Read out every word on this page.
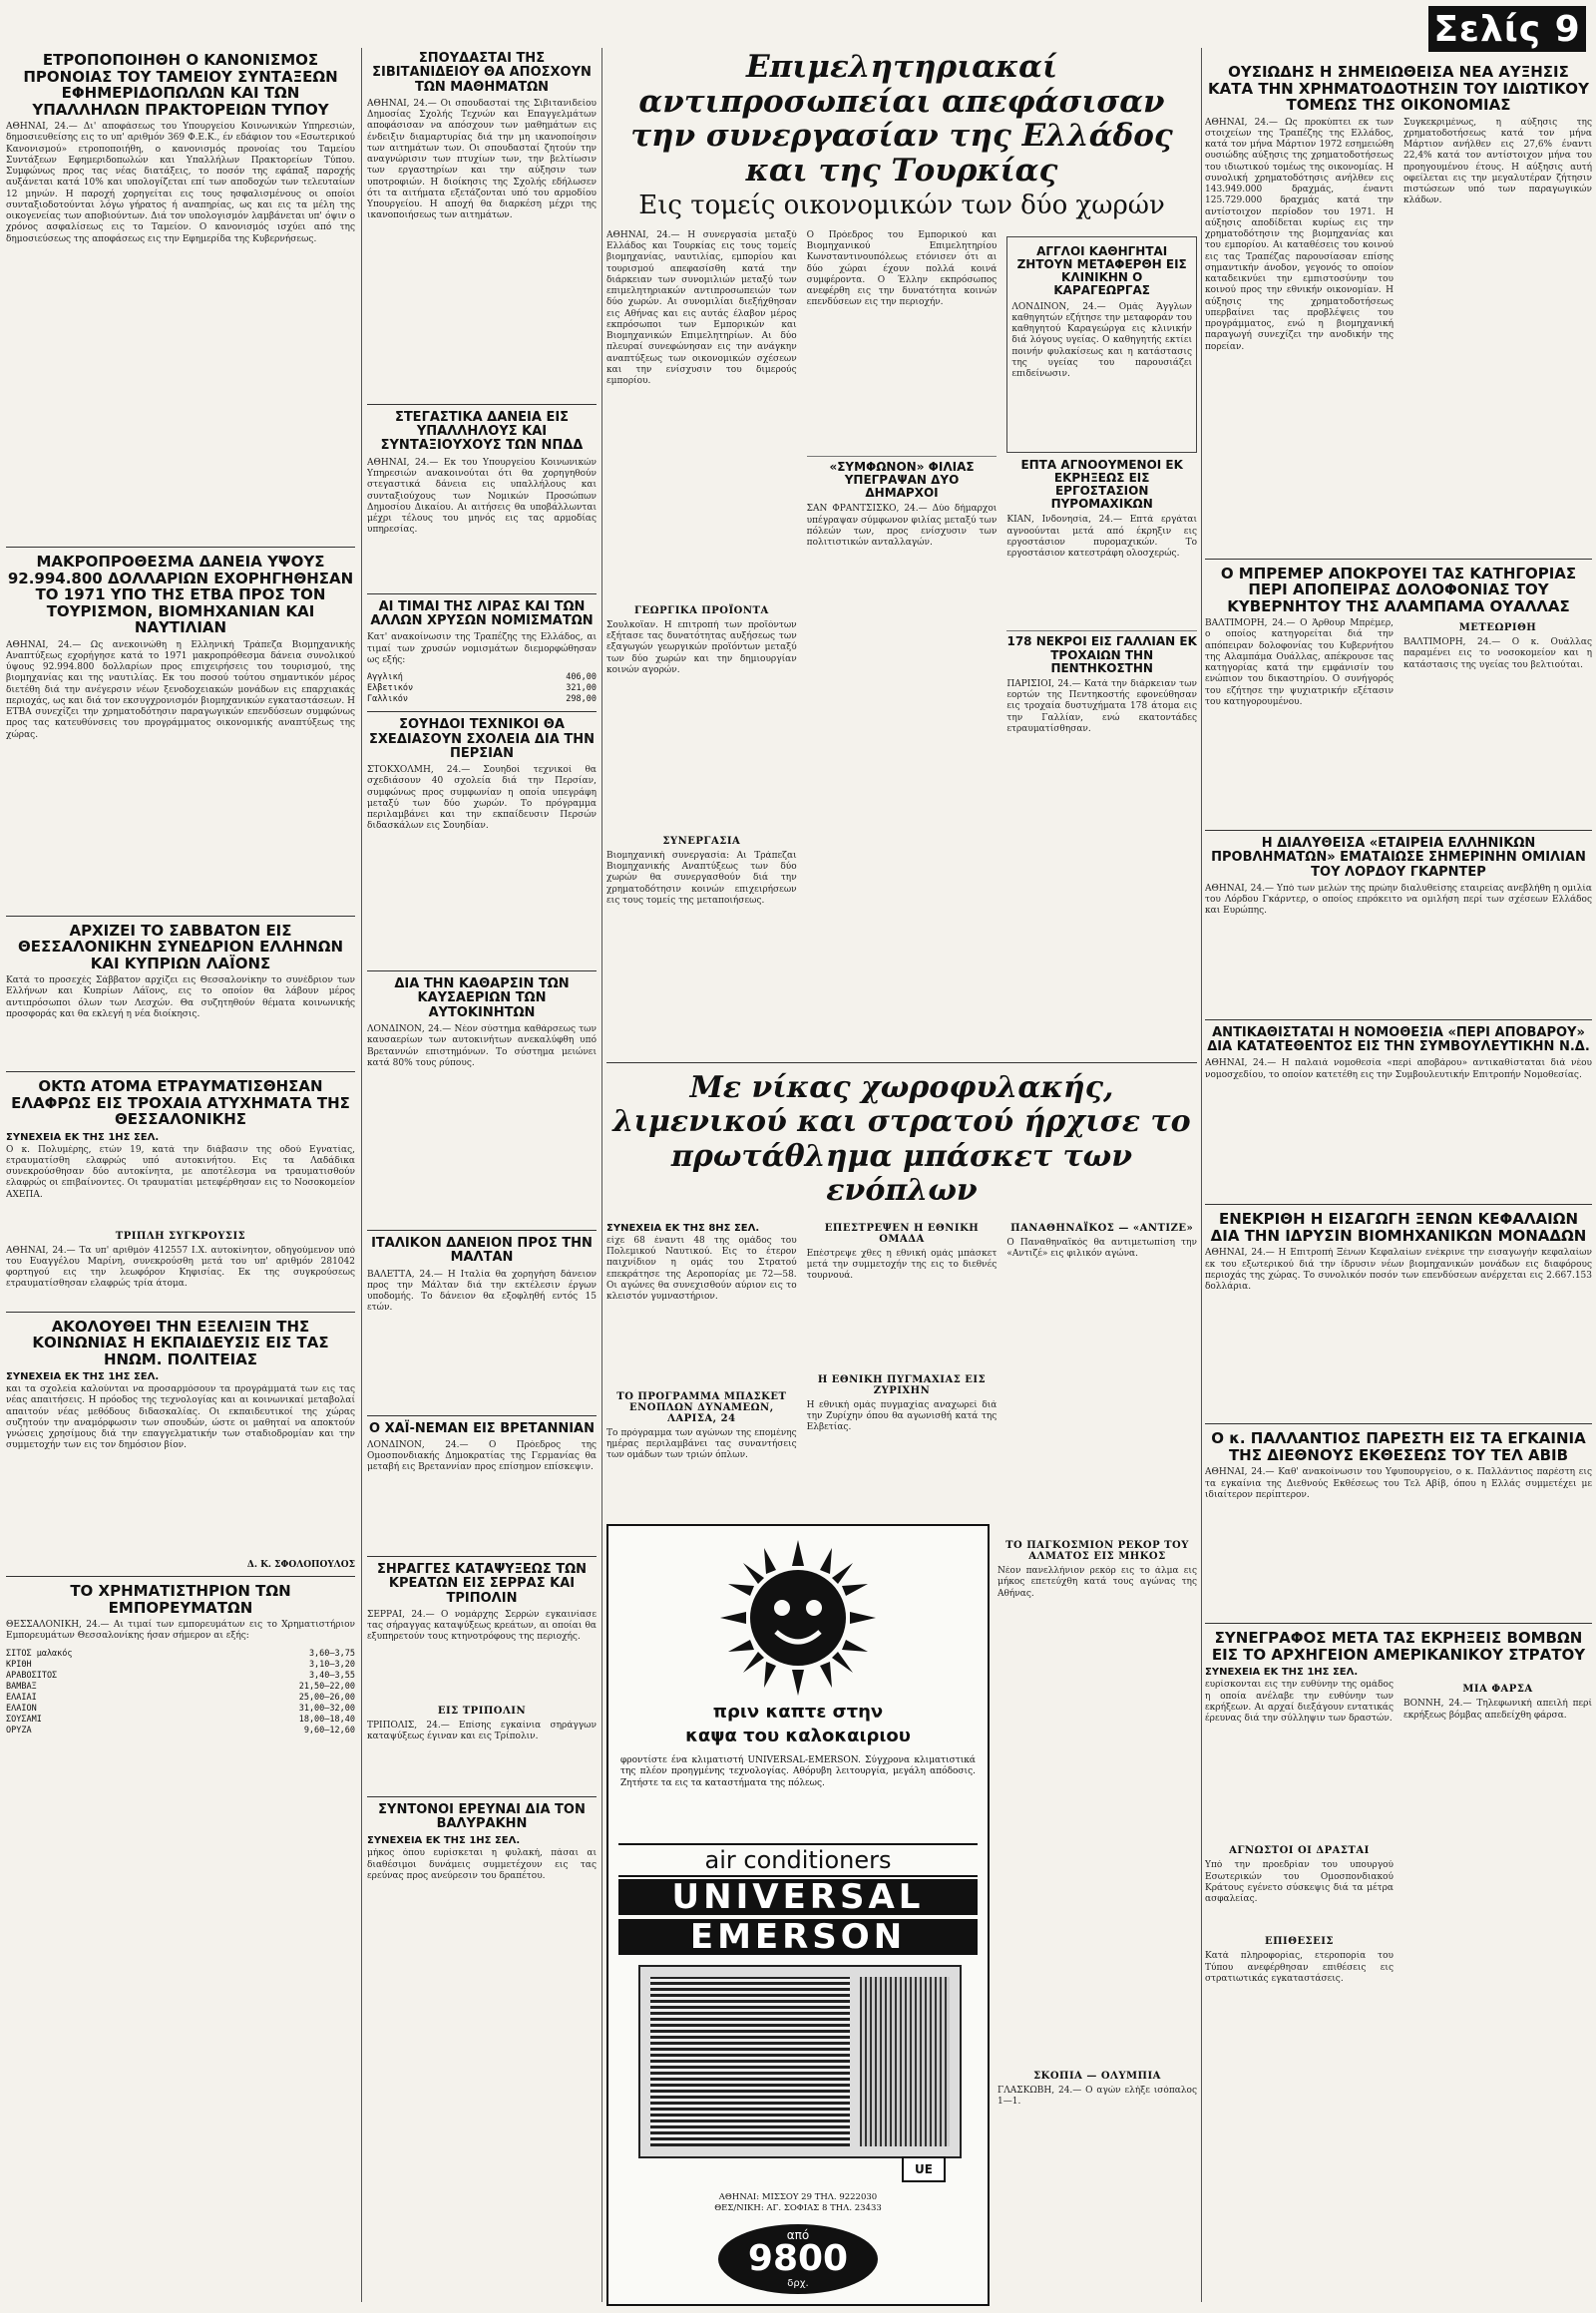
Σελίς 9
ΕΤΡΟΠΟΠΟΙΗΘΗ Ο ΚΑΝΟΝΙΣΜΟΣ ΠΡΟΝΟΙΑΣ ΤΟΥ ΤΑΜΕΙΟΥ ΣΥΝΤΑΞΕΩΝ ΕΦΗΜΕΡΙΔΟΠΩΛΩΝ ΚΑΙ ΤΩΝ ΥΠΑΛΛΗΛΩΝ ΠΡΑΚΤΟΡΕΙΩΝ ΤΥΠΟΥ
ΑΘΗΝΑΙ, 24.— Δι' αποφάσεως του Υπουργείου Κοινωνικών Υπηρεσιών, δημοσιευθείσης εις το υπ' αριθμόν 369 Φ.Ε.Κ., έν εδάφιον του «Εσωτερικού Κανονισμού» ετροποποιήθη, ο κανονισμός προνοίας του Ταμείου Συντάξεων Εφημεριδοπωλών και Υπαλλήλων Πρακτορείων Τύπου. Συμφώνως προς τας νέας διατάξεις, το ποσόν της εφάπαξ παροχής αυξάνεται κατά 10% και υπολογίζεται επί των αποδοχών των τελευταίων 12 μηνών. Η παροχή χορηγείται εις τους ησφαλισμένους οι οποίοι συνταξιοδοτούνται λόγω γήρατος ή αναπηρίας, ως και εις τα μέλη της οικογενείας των αποβιούντων. Διά τον υπολογισμόν λαμβάνεται υπ' όψιν ο χρόνος ασφαλίσεως εις το Ταμείον. Ο κανονισμός ισχύει από της δημοσιεύσεως της αποφάσεως εις την Εφημερίδα της Κυβερνήσεως.
ΜΑΚΡΟΠΡΟΘΕΣΜΑ ΔΑΝΕΙΑ ΥΨΟΥΣ 92.994.800 ΔΟΛΛΑΡΙΩΝ ΕΧΟΡΗΓΗΘΗΣΑΝ ΤΟ 1971 ΥΠΟ ΤΗΣ ΕΤΒΑ ΠΡΟΣ ΤΟΝ ΤΟΥΡΙΣΜΟΝ, ΒΙΟΜΗΧΑΝΙΑΝ ΚΑΙ ΝΑΥΤΙΛΙΑΝ
ΑΘΗΝΑΙ, 24.— Ως ανεκοινώθη η Ελληνική Τράπεζα Βιομηχανικής Αναπτύξεως εχορήγησε κατά το 1971 μακροπρόθεσμα δάνεια συνολικού ύψους 92.994.800 δολλαρίων προς επιχειρήσεις του τουρισμού, της βιομηχανίας και της ναυτιλίας. Εκ του ποσού τούτου σημαντικόν μέρος διετέθη διά την ανέγερσιν νέων ξενοδοχειακών μονάδων εις επαρχιακάς περιοχάς, ως και διά τον εκσυγχρονισμόν βιομηχανικών εγκαταστάσεων. Η ΕΤΒΑ συνεχίζει την χρηματοδότησιν παραγωγικών επενδύσεων συμφώνως προς τας κατευθύνσεις του προγράμματος οικονομικής αναπτύξεως της χώρας.
ΑΡΧΙΖΕΙ ΤΟ ΣΑΒΒΑΤΟΝ ΕΙΣ ΘΕΣΣΑΛΟΝΙΚΗΝ ΣΥΝΕΔΡΙΟΝ ΕΛΛΗΝΩΝ ΚΑΙ ΚΥΠΡΙΩΝ ΛΑΪΟΝΣ
Κατά το προσεχές Σάββατον αρχίζει εις Θεσσαλονίκην το συνέδριον των Ελλήνων και Κυπρίων Λάϊονς, εις το οποίον θα λάβουν μέρος αντιπρόσωποι όλων των Λεσχών. Θα συζητηθούν θέματα κοινωνικής προσφοράς και θα εκλεγή η νέα διοίκησις.
ΟΚΤΩ ΑΤΟΜΑ ΕΤΡΑΥΜΑΤΙΣΘΗΣΑΝ ΕΛΑΦΡΩΣ ΕΙΣ ΤΡΟΧΑΙΑ ΑΤΥΧΗΜΑΤΑ ΤΗΣ ΘΕΣΣΑΛΟΝΙΚΗΣ
ΣΥΝΕΧΕΙΑ ΕΚ ΤΗΣ 1ΗΣ ΣΕΛ.
Ο κ. Πολυμέρης, ετών 19, κατά την διάβασιν της οδού Εγνατίας, ετραυματίσθη ελαφρώς υπό αυτοκινήτου. Εις τα Λαδάδικα συνεκρούσθησαν δύο αυτοκίνητα, με αποτέλεσμα να τραυματισθούν ελαφρώς οι επιβαίνοντες. Οι τραυματίαι μετεφέρθησαν εις το Νοσοκομείον ΑΧΕΠΑ.
ΤΡΙΠΛΗ ΣΥΓΚΡΟΥΣΙΣ
ΑΘΗΝΑΙ, 24.— Τα υπ' αριθμόν 412557 Ι.Χ. αυτοκίνητον, οδηγούμενον υπό του Ευαγγέλου Μαρίνη, συνεκρούσθη μετά του υπ' αριθμόν 281042 φορτηγού εις την λεωφόρον Κηφισίας. Εκ της συγκρούσεως ετραυματίσθησαν ελαφρώς τρία άτομα.
ΑΚΟΛΟΥΘΕΙ ΤΗΝ ΕΞΕΛΙΞΙΝ ΤΗΣ ΚΟΙΝΩΝΙΑΣ Η ΕΚΠΑΙΔΕΥΣΙΣ ΕΙΣ ΤΑΣ ΗΝΩΜ. ΠΟΛΙΤΕΙΑΣ
ΣΥΝΕΧΕΙΑ ΕΚ ΤΗΣ 1ΗΣ ΣΕΛ.
και τα σχολεία καλούνται να προσαρμόσουν τα προγράμματά των εις τας νέας απαιτήσεις. Η πρόοδος της τεχνολογίας και αι κοινωνικαί μεταβολαί απαιτούν νέας μεθόδους διδασκαλίας. Οι εκπαιδευτικοί της χώρας συζητούν την αναμόρφωσιν των σπουδών, ώστε οι μαθηταί να αποκτούν γνώσεις χρησίμους διά την επαγγελματικήν των σταδιοδρομίαν και την συμμετοχήν των εις τον δημόσιον βίον.
Δ. Κ. ΣΦΟΛΟΠΟΥΛΟΣ
ΤΟ ΧΡΗΜΑΤΙΣΤΗΡΙΟΝ ΤΩΝ ΕΜΠΟΡΕΥΜΑΤΩΝ
ΘΕΣΣΑΛΟΝΙΚΗ, 24.— Αι τιμαί των εμπορευμάτων εις το Χρηματιστήριον Εμπορευμάτων Θεσσαλονίκης ήσαν σήμερον αι εξής:
ΣΙΤΟΣ μαλακός	3,60—3,75
ΚΡΙΘΗ	3,10—3,20
ΑΡΑΒΟΣΙΤΟΣ	3,40—3,55
ΒΑΜΒΑΞ	21,50—22,00
ΕΛΑΙΑΙ	25,00—26,00
ΕΛΑΙΟΝ	31,00—32,00
ΣΟΥΣΑΜΙ	18,00—18,40
ΟΡΥΖΑ	9,60—12,60
ΣΠΟΥΔΑΣΤΑΙ ΤΗΣ ΣΙΒΙΤΑΝΙΔΕΙΟΥ ΘΑ ΑΠΟΣΧΟΥΝ ΤΩΝ ΜΑΘΗΜΑΤΩΝ
ΑΘΗΝΑΙ, 24.— Οι σπουδασταί της Σιβιτανιδείου Δημοσίας Σχολής Τεχνών και Επαγγελμάτων αποφάσισαν να απόσχουν των μαθημάτων εις ένδειξιν διαμαρτυρίας διά την μη ικανοποίησιν των αιτημάτων των. Οι σπουδασταί ζητούν την αναγνώρισιν των πτυχίων των, την βελτίωσιν των εργαστηρίων και την αύξησιν των υποτροφιών. Η διοίκησις της Σχολής εδήλωσεν ότι τα αιτήματα εξετάζονται υπό του αρμοδίου Υπουργείου. Η αποχή θα διαρκέση μέχρι της ικανοποιήσεως των αιτημάτων.
ΣΤΕΓΑΣΤΙΚΑ ΔΑΝΕΙΑ ΕΙΣ ΥΠΑΛΛΗΛΟΥΣ ΚΑΙ ΣΥΝΤΑΞΙΟΥΧΟΥΣ ΤΩΝ ΝΠΔΔ
ΑΘΗΝΑΙ, 24.— Εκ του Υπουργείου Κοινωνικών Υπηρεσιών ανακοινούται ότι θα χορηγηθούν στεγαστικά δάνεια εις υπαλλήλους και συνταξιούχους των Νομικών Προσώπων Δημοσίου Δικαίου. Αι αιτήσεις θα υποβάλλωνται μέχρι τέλους του μηνός εις τας αρμοδίας υπηρεσίας.
ΑΙ ΤΙΜΑΙ ΤΗΣ ΛΙΡΑΣ ΚΑΙ ΤΩΝ ΑΛΛΩΝ ΧΡΥΣΩΝ ΝΟΜΙΣΜΑΤΩΝ
Κατ' ανακοίνωσιν της Τραπέζης της Ελλάδος, αι τιμαί των χρυσών νομισμάτων διεμορφώθησαν ως εξής:
Αγγλική	406,00
Ελβετικόν	321,00
Γαλλικόν	298,00
ΣΟΥΗΔΟΙ ΤΕΧΝΙΚΟΙ ΘΑ ΣΧΕΔΙΑΣΟΥΝ ΣΧΟΛΕΙΑ ΔΙΑ ΤΗΝ ΠΕΡΣΙΑΝ
ΣΤΟΚΧΟΛΜΗ, 24.— Σουηδοί τεχνικοί θα σχεδιάσουν 40 σχολεία διά την Περσίαν, συμφώνως προς συμφωνίαν η οποία υπεγράφη μεταξύ των δύο χωρών. Το πρόγραμμα περιλαμβάνει και την εκπαίδευσιν Περσών διδασκάλων εις Σουηδίαν.
ΔΙΑ ΤΗΝ ΚΑΘΑΡΣΙΝ ΤΩΝ ΚΑΥΣΑΕΡΙΩΝ ΤΩΝ ΑΥΤΟΚΙΝΗΤΩΝ
ΛΟΝΔΙΝΟΝ, 24.— Νέον σύστημα καθάρσεως των καυσαερίων των αυτοκινήτων ανεκαλύφθη υπό Βρεταννών επιστημόνων. Το σύστημα μειώνει κατά 80% τους ρύπους.
ΙΤΑΛΙΚΟΝ ΔΑΝΕΙΟΝ ΠΡΟΣ ΤΗΝ ΜΑΛΤΑΝ
ΒΑΛΕΤΤΑ, 24.— Η Ιταλία θα χορηγήση δάνειον προς την Μάλταν διά την εκτέλεσιν έργων υποδομής. Το δάνειον θα εξοφληθή εντός 15 ετών.
Ο ΧΑΪ-ΝΕΜΑΝ ΕΙΣ ΒΡΕΤΑΝΝΙΑΝ
ΛΟΝΔΙΝΟΝ, 24.— Ο Πρόεδρος της Ομοσπονδιακής Δημοκρατίας της Γερμανίας θα μεταβή εις Βρεταννίαν προς επίσημον επίσκεψιν.
ΣΗΡΑΓΓΕΣ ΚΑΤΑΨΥΞΕΩΣ ΤΩΝ ΚΡΕΑΤΩΝ ΕΙΣ ΣΕΡΡΑΣ ΚΑΙ ΤΡΙΠΟΛΙΝ
ΣΕΡΡΑΙ, 24.— Ο νομάρχης Σερρών εγκαινίασε τας σήραγγας καταψύξεως κρεάτων, αι οποίαι θα εξυπηρετούν τους κτηνοτρόφους της περιοχής.
ΕΙΣ ΤΡΙΠΟΛΙΝ
ΤΡΙΠΟΛΙΣ, 24.— Επίσης εγκαίνια σηράγγων καταψύξεως έγιναν και εις Τρίπολιν.
ΣΥΝΤΟΝΟΙ ΕΡΕΥΝΑΙ ΔΙΑ ΤΟΝ ΒΑΛΥΡΑΚΗΝ
ΣΥΝΕΧΕΙΑ ΕΚ ΤΗΣ 1ΗΣ ΣΕΛ.
μήκος όπου ευρίσκεται η φυλακή, πάσαι αι διαθέσιμοι δυνάμεις συμμετέχουν εις τας ερεύνας προς ανεύρεσιν του δραπέτου.
Επιμελητηριακαί αντιπροσωπείαι απεφάσισαν την συνεργασίαν της Ελλάδος και της Τουρκίας
Εις τομείς οικονομικών των δύο χωρών
ΑΘΗΝΑΙ, 24.— Η συνεργασία μεταξύ Ελλάδος και Τουρκίας εις τους τομείς βιομηχανίας, ναυτιλίας, εμπορίου και τουρισμού απεφασίσθη κατά την διάρκειαν των συνομιλιών μεταξύ των επιμελητηριακών αντιπροσωπειών των δύο χωρών. Αι συνομιλίαι διεξήχθησαν εις Αθήνας και εις αυτάς έλαβον μέρος εκπρόσωποι των Εμπορικών και Βιομηχανικών Επιμελητηρίων. Αι δύο πλευραί συνεφώνησαν εις την ανάγκην αναπτύξεως των οικονομικών σχέσεων και την ενίσχυσιν του διμερούς εμπορίου.
ΓΕΩΡΓΙΚΑ ΠΡΟΪΟΝΤΑ
Σουλκοΐαν. Η επιτροπή των προϊόντων εξήτασε τας δυνατότητας αυξήσεως των εξαγωγών γεωργικών προϊόντων μεταξύ των δύο χωρών και την δημιουργίαν κοινών αγορών.
ΣΥΝΕΡΓΑΣΙΑ
Βιομηχανική συνεργασία: Αι Τράπεζαι Βιομηχανικής Αναπτύξεως των δύο χωρών θα συνεργασθούν διά την χρηματοδότησιν κοινών επιχειρήσεων εις τους τομείς της μεταποιήσεως.
Ο Πρόεδρος του Εμπορικού και Βιομηχανικού Επιμελητηρίου Κωνσταντινουπόλεως ετόνισεν ότι αι δύο χώραι έχουν πολλά κοινά συμφέροντα. Ο Έλλην εκπρόσωπος ανεφέρθη εις την δυνατότητα κοινών επενδύσεων εις την περιοχήν.
«ΣΥΜΦΩΝΟΝ» ΦΙΛΙΑΣ ΥΠΕΓΡΑΨΑΝ ΔΥΟ ΔΗΜΑΡΧΟΙ
ΣΑΝ ΦΡΑΝΤΣΙΣΚΟ, 24.— Δύο δήμαρχοι υπέγραψαν σύμφωνον φιλίας μεταξύ των πόλεών των, προς ενίσχυσιν των πολιτιστικών ανταλλαγών.
ΑΓΓΛΟΙ ΚΑΘΗΓΗΤΑΙ ΖΗΤΟΥΝ ΜΕΤΑΦΕΡΘΗ ΕΙΣ ΚΛΙΝΙΚΗΝ Ο ΚΑΡΑΓΕΩΡΓΑΣ
ΛΟΝΔΙΝΟΝ, 24.— Ομάς Άγγλων καθηγητών εζήτησε την μεταφοράν του καθηγητού Καραγεώργα εις κλινικήν διά λόγους υγείας. Ο καθηγητής εκτίει ποινήν φυλακίσεως και η κατάστασις της υγείας του παρουσιάζει επιδείνωσιν.
ΕΠΤΑ ΑΓΝΟΟΥΜΕΝΟΙ ΕΚ ΕΚΡΗΞΕΩΣ ΕΙΣ ΕΡΓΟΣΤΑΣΙΟΝ ΠΥΡΟΜΑΧΙΚΩΝ
ΚΙΑΝ, Ινδονησία, 24.— Επτά εργάται αγνοούνται μετά από έκρηξιν εις εργοστάσιον πυρομαχικών. Το εργοστάσιον κατεστράφη ολοσχερώς.
178 ΝΕΚΡΟΙ ΕΙΣ ΓΑΛΛΙΑΝ ΕΚ ΤΡΟΧΑΙΩΝ ΤΗΝ ΠΕΝΤΗΚΟΣΤΗΝ
ΠΑΡΙΣΙΟΙ, 24.— Κατά την διάρκειαν των εορτών της Πεντηκοστής εφονεύθησαν εις τροχαία δυστυχήματα 178 άτομα εις την Γαλλίαν, ενώ εκατοντάδες ετραυματίσθησαν.
Με νίκας χωροφυλακής, λιμενικού και στρατού ήρχισε το πρωτάθλημα μπάσκετ των ενόπλων
ΣΥΝΕΧΕΙΑ ΕΚ ΤΗΣ 8ΗΣ ΣΕΛ.
είχε 68 έναντι 48 της ομάδος του Πολεμικού Ναυτικού. Εις το έτερον παιχνίδιον η ομάς του Στρατού επεκράτησε της Αεροπορίας με 72—58. Οι αγώνες θα συνεχισθούν αύριον εις το κλειστόν γυμναστήριον.
ΤΟ ΠΡΟΓΡΑΜΜΑ ΜΠΑΣΚΕΤ ΕΝΟΠΛΩΝ ΔΥΝΑΜΕΩΝ, ΛΑΡΙΣΑ, 24
Το πρόγραμμα των αγώνων της επομένης ημέρας περιλαμβάνει τας συναντήσεις των ομάδων των τριών όπλων.
ΕΠΕΣΤΡΕΨΕΝ Η ΕΘΝΙΚΗ ΟΜΑΔΑ
Επέστρεψε χθες η εθνική ομάς μπάσκετ μετά την συμμετοχήν της εις το διεθνές τουρνουά.
Η ΕΘΝΙΚΗ ΠΥΓΜΑΧΙΑΣ ΕΙΣ ΖΥΡΙΧΗΝ
Η εθνική ομάς πυγμαχίας αναχωρεί διά την Ζυρίχην όπου θα αγωνισθή κατά της Ελβετίας.
ΠΑΝΑΘΗΝΑΪΚΟΣ — «ΑΝΤΙΖΕ»
Ο Παναθηναϊκός θα αντιμετωπίση την «Αντιζέ» εις φιλικόν αγώνα.
ΤΟ ΠΑΓΚΟΣΜΙΟΝ ΡΕΚΟΡ ΤΟΥ ΑΛΜΑΤΟΣ ΕΙΣ ΜΗΚΟΣ
Νέον πανελλήνιον ρεκόρ εις το άλμα εις μήκος επετεύχθη κατά τους αγώνας της Αθήνας.
ΣΚΟΠΙΑ — ΟΛΥΜΠΙΑ
ΓΛΑΣΚΩΒΗ, 24.— Ο αγών ελήξε ισόπαλος 1—1.
πριν καπτε στην
καψα του καλοκαιριου
φροντίστε ένα κλιματιστή UNIVERSAL-EMERSON. Σύγχρονα κλιματιστικά της πλέον προηγμένης τεχνολογίας. Αθόρυβη λειτουργία, μεγάλη απόδοσις. Ζητήστε τα εις τα καταστήματα της πόλεως.
air conditioners
UNIVERSAL
EMERSON
UE
ΑΘΗΝΑΙ: ΜΙΣΣΟΥ 29 ΤΗΛ. 9222030
ΘΕΣ/ΝΙΚΗ: ΑΓ. ΣΟΦΙΑΣ 8 ΤΗΛ. 23433
από
9800
δρχ.
ΟΥΣΙΩΔΗΣ Η ΣΗΜΕΙΩΘΕΙΣΑ ΝΕΑ ΑΥΞΗΣΙΣ ΚΑΤΑ ΤΗΝ ΧΡΗΜΑΤΟΔΟΤΗΣΙΝ ΤΟΥ ΙΔΙΩΤΙΚΟΥ ΤΟΜΕΩΣ ΤΗΣ ΟΙΚΟΝΟΜΙΑΣ
ΑΘΗΝΑΙ, 24.— Ως προκύπτει εκ των στοιχείων της Τραπέζης της Ελλάδος, κατά τον μήνα Μάρτιον 1972 εσημειώθη ουσιώδης αύξησις της χρηματοδοτήσεως του ιδιωτικού τομέως της οικονομίας. Η συνολική χρηματοδότησις ανήλθεν εις 143.949.000 δραχμάς, έναντι 125.729.000 δραχμάς κατά την αντίστοιχον περίοδον του 1971. Η αύξησις αποδίδεται κυρίως εις την χρηματοδότησιν της βιομηχανίας και του εμπορίου. Αι καταθέσεις του κοινού εις τας Τραπέζας παρουσίασαν επίσης σημαντικήν άνοδον, γεγονός το οποίον καταδεικνύει την εμπιστοσύνην του κοινού προς την εθνικήν οικονομίαν. Η αύξησις της χρηματοδοτήσεως υπερβαίνει τας προβλέψεις του προγράμματος, ενώ η βιομηχανική παραγωγή συνεχίζει την ανοδικήν της πορείαν.
Συγκεκριμένως, η αύξησις της χρηματοδοτήσεως κατά τον μήνα Μάρτιον ανήλθεν εις 27,6% έναντι 22,4% κατά τον αντίστοιχον μήνα του προηγουμένου έτους. Η αύξησις αυτή οφείλεται εις την μεγαλυτέραν ζήτησιν πιστώσεων υπό των παραγωγικών κλάδων.
Ο ΜΠΡΕΜΕΡ ΑΠΟΚΡΟΥΕΙ ΤΑΣ ΚΑΤΗΓΟΡΙΑΣ ΠΕΡΙ ΑΠΟΠΕΙΡΑΣ ΔΟΛΟΦΟΝΙΑΣ ΤΟΥ ΚΥΒΕΡΝΗΤΟΥ ΤΗΣ ΑΛΑΜΠΑΜΑ ΟΥΑΛΛΑΣ
ΒΑΛΤΙΜΟΡΗ, 24.— Ο Άρθουρ Μπρέμερ, ο οποίος κατηγορείται διά την απόπειραν δολοφονίας του Κυβερνήτου της Αλαμπάμα Ουάλλας, απέκρουσε τας κατηγορίας κατά την εμφάνισίν του ενώπιον του δικαστηρίου. Ο συνήγορός του εζήτησε την ψυχιατρικήν εξέτασιν του κατηγορουμένου.
ΜΕΤΕΩΡΙΘΗ
ΒΑΛΤΙΜΟΡΗ, 24.— Ο κ. Ουάλλας παραμένει εις το νοσοκομείον και η κατάστασις της υγείας του βελτιούται.
Η ΔΙΑΛΥΘΕΙΣΑ «ΕΤΑΙΡΕΙΑ ΕΛΛΗΝΙΚΩΝ ΠΡΟΒΛΗΜΑΤΩΝ» ΕΜΑΤΑΙΩΣΕ ΣΗΜΕΡΙΝΗΝ ΟΜΙΛΙΑΝ ΤΟΥ ΛΟΡΔΟΥ ΓΚΑΡΝΤΕΡ
ΑΘΗΝΑΙ, 24.— Υπό των μελών της πρώην διαλυθείσης εταιρείας ανεβλήθη η ομιλία του Λόρδου Γκάρντερ, ο οποίος επρόκειτο να ομιλήση περί των σχέσεων Ελλάδος και Ευρώπης.
ΑΝΤΙΚΑΘΙΣΤΑΤΑΙ Η ΝΟΜΟΘΕΣΙΑ «ΠΕΡΙ ΑΠΟΒΑΡΟΥ» ΔΙΑ ΚΑΤΑΤΕΘΕΝΤΟΣ ΕΙΣ ΤΗΝ ΣΥΜΒΟΥΛΕΥΤΙΚΗΝ Ν.Δ.
ΑΘΗΝΑΙ, 24.— Η παλαιά νομοθεσία «περί αποβάρου» αντικαθίσταται διά νέου νομοσχεδίου, το οποίον κατετέθη εις την Συμβουλευτικήν Επιτροπήν Νομοθεσίας.
ΕΝΕΚΡΙΘΗ Η ΕΙΣΑΓΩΓΗ ΞΕΝΩΝ ΚΕΦΑΛΑΙΩΝ ΔΙΑ ΤΗΝ ΙΔΡΥΣΙΝ ΒΙΟΜΗΧΑΝΙΚΩΝ ΜΟΝΑΔΩΝ
ΑΘΗΝΑΙ, 24.— Η Επιτροπή Ξένων Κεφαλαίων ενέκρινε την εισαγωγήν κεφαλαίων εκ του εξωτερικού διά την ίδρυσιν νέων βιομηχανικών μονάδων εις διαφόρους περιοχάς της χώρας. Το συνολικόν ποσόν των επενδύσεων ανέρχεται εις 2.667.153 δολλάρια.
Ο κ. ΠΑΛΛΑΝΤΙΟΣ ΠΑΡΕΣΤΗ ΕΙΣ ΤΑ ΕΓΚΑΙΝΙΑ ΤΗΣ ΔΙΕΘΝΟΥΣ ΕΚΘΕΣΕΩΣ ΤΟΥ ΤΕΛ ΑΒΙΒ
ΑΘΗΝΑΙ, 24.— Καθ' ανακοίνωσιν του Υφυπουργείου, ο κ. Παλλάντιος παρέστη εις τα εγκαίνια της Διεθνούς Εκθέσεως του Τελ Αβίβ, όπου η Ελλάς συμμετέχει με ιδιαίτερον περίπτερον.
ΣΥΝΕΓΡΑΦΟΣ ΜΕΤΑ ΤΑΣ ΕΚΡΗΞΕΙΣ ΒΟΜΒΩΝ ΕΙΣ ΤΟ ΑΡΧΗΓΕΙΟΝ ΑΜΕΡΙΚΑΝΙΚΟΥ ΣΤΡΑΤΟΥ
ΣΥΝΕΧΕΙΑ ΕΚ ΤΗΣ 1ΗΣ ΣΕΛ.
ευρίσκονται εις την ευθύνην της ομάδος η οποία ανέλαβε την ευθύνην των εκρήξεων. Αι αρχαί διεξάγουν εντατικάς έρευνας διά την σύλληψιν των δραστών.
ΑΓΝΩΣΤΟΙ ΟΙ ΔΡΑΣΤΑΙ
Υπό την προεδρίαν του υπουργού Εσωτερικών του Ομοσπονδιακού Κράτους εγένετο σύσκεψις διά τα μέτρα ασφαλείας.
ΕΠΙΘΕΣΕΙΣ
Κατά πληροφορίας, ετεροπορία του Τύπου ανεφέρθησαν επιθέσεις εις στρατιωτικάς εγκαταστάσεις.
ΜΙΑ ΦΑΡΣΑ
ΒΟΝΝΗ, 24.— Τηλεφωνική απειλή περί εκρήξεως βόμβας απεδείχθη φάρσα.
